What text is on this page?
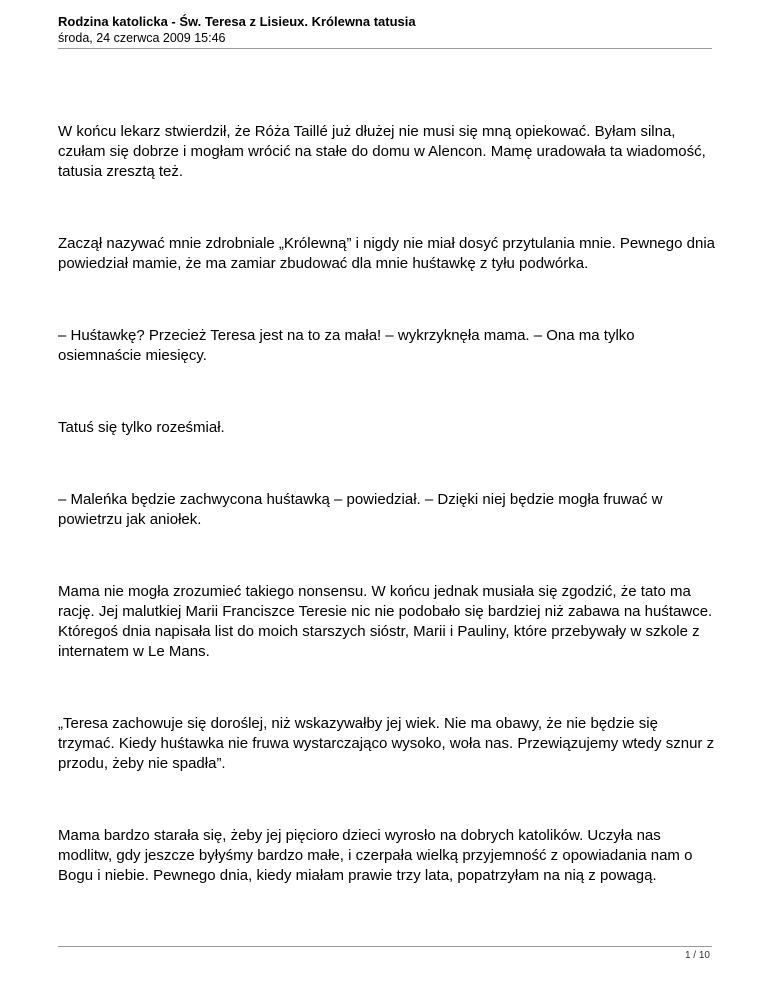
Rodzina katolicka - Św. Teresa z Lisieux. Królewna tatusia
środa, 24 czerwca 2009 15:46

W końcu lekarz stwierdził, że Róża Taillé już dłużej nie musi się mną opiekować. Byłam silna, czułam się dobrze i mogłam wrócić na stałe do domu w Alencon. Mamę uradowała ta wiadomość, tatusia zresztą też.

Zaczął nazywać mnie zdrobniale „Królewną” i nigdy nie miał dosyć przytulania mnie. Pewnego dnia powiedział mamie, że ma zamiar zbudować dla mnie huśtawkę z tyłu podwórka.

– Huśtawkę? Przecież Teresa jest na to za mała! – wykrzyknęła mama. – Ona ma tylko osiemnaście miesięcy.

Tatuś się tylko roześmiał.

– Maleńka będzie zachwycona huśtawką – powiedział. – Dzięki niej będzie mogła fruwać w powietrzu jak aniołek.

Mama nie mogła zrozumieć takiego nonsensu. W końcu jednak musiała się zgodzić, że tato ma rację. Jej malutkiej Marii Franciszce Teresie nic nie podobało się bardziej niż zabawa na huśtawce. Któregoś dnia napisała list do moich starszych sióstr, Marii i Pauliny, które przebywały w szkole z internatem w Le Mans.

„Teresa zachowuje się doroślej, niż wskazywałby jej wiek. Nie ma obawy, że nie będzie się trzymać. Kiedy huśtawka nie fruwa wystarczająco wysoko, woła nas. Przewiązujemy wtedy sznur z przodu, żeby nie spadła”.

Mama bardzo starała się, żeby jej pięcioro dzieci wyrosło na dobrych katolików. Uczyła nas modlitw, gdy jeszcze byłyśmy bardzo małe, i czerpała wielką przyjemność z opowiadania nam o Bogu i niebie. Pewnego dnia, kiedy miałam prawie trzy lata, popatrzyłam na nią z powagą.

1 / 10
